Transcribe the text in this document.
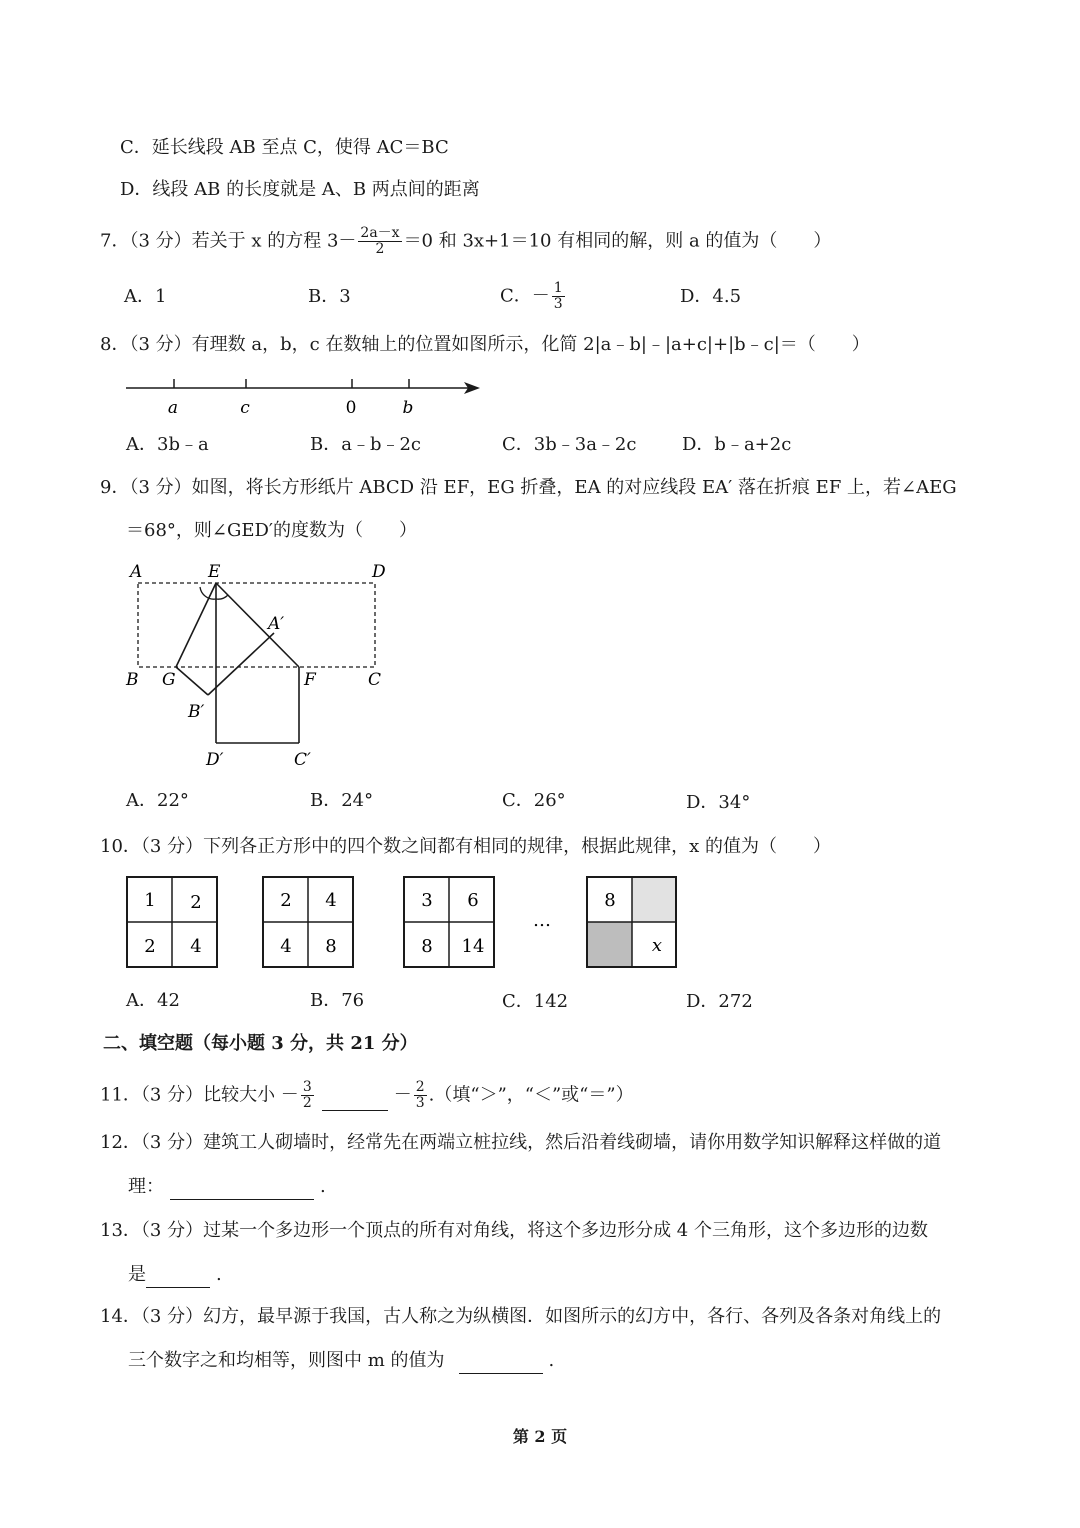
C．延长线段 AB 至点 C，使得 AC＝BC
D．线段 AB 的长度就是 A、B 两点间的距离
7．（3 分）若关于 x 的方程 $3- \frac{2a-x}{2} =0$ 和 3x+1＝10 有相同的解，则 a 的值为（　　）
A．1	B．3	C．－ $\frac{1}{3}$	D．4.5
8．（3 分）有理数 a，b，c 在数轴上的位置如图所示，化简 2|a﹣b|﹣|a+c|+|b﹣c|＝（　　）
a	c	0	b
A．3b﹣a	B．a﹣b﹣2c	C．3b﹣3a﹣2c	D．b﹣a+2c
9．（3 分）如图，将长方形纸片 ABCD 沿 EF，EG 折叠，EA 的对应线段 EA′ 落在折痕 EF 上，若∠AEG
＝68°，则∠GED′的度数为（　　）
A	E	D
A′
B G	F	C
B′
D′	C′
A．22°	B．24°	C．26°	D．34°
10．（3 分）下列各正方形中的四个数之间都有相同的规律，根据此规律，x 的值为（　　）
1 2
2 4
2 4
4 8
3 6
8 14
…
8
x
A．42	B．76	C．142	D．272
二、填空题（每小题 3 分，共 21 分）
11．（3 分）比较大小 － $\frac{3}{2}$	－ $\frac{2}{3}$ .（填“＞”，“＜”或“＝”）
12．（3 分）建筑工人砌墙时，经常先在两端立桩拉线，然后沿着线砌墙，请你用数学知识解释这样做的道
理：	.
13．（3 分）过某一个多边形一个顶点的所有对角线，将这个多边形分成 4 个三角形，这个多边形的边数
是	.
14．（3 分）幻方，最早源于我国，古人称之为纵横图．如图所示的幻方中，各行、各列及各条对角线上的
三个数字之和均相等，则图中 m 的值为	.
第 2 页
